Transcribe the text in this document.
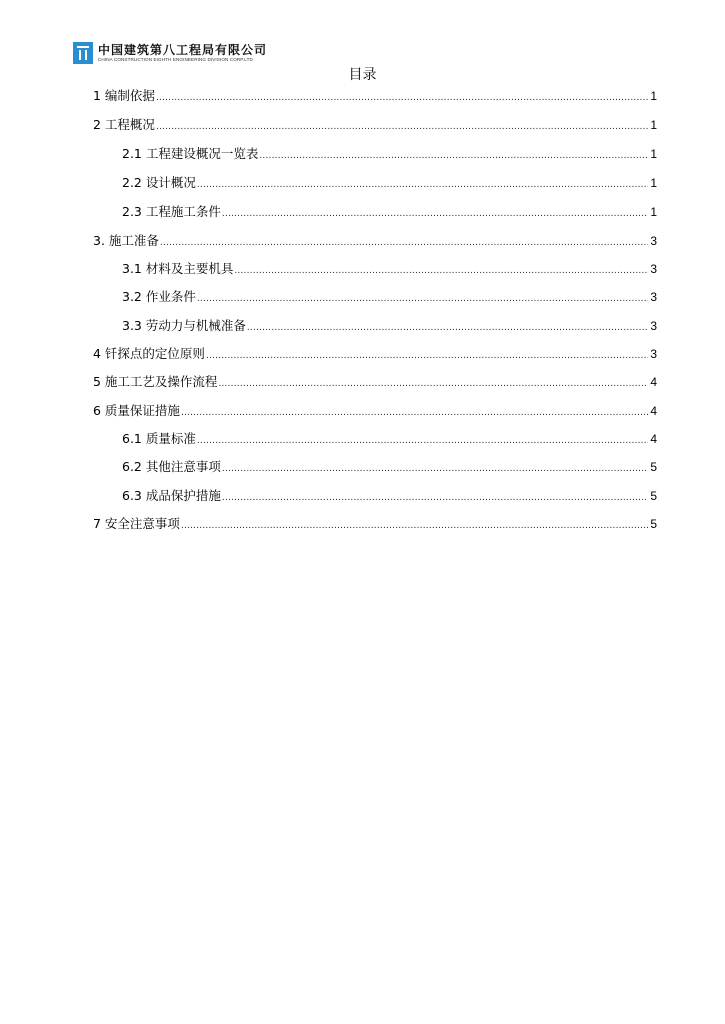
中国建筑第八工程局有限公司
CHINA CONSTRUCTION EIGHTH ENGINEERING DIVISION CORP.LTD
目录
1 编制依据 .....	1
2 工程概况 .....	1
2.1 工程建设概况一览表 .....	1
2.2 设计概况 .....	1
2.3 工程施工条件 .....	1
3. 施工准备 .....	3
3.1 材料及主要机具 .....	3
3.2 作业条件 .....	3
3.3 劳动力与机械准备 .....	3
4 钎探点的定位原则 .....	3
5 施工工艺及操作流程 .....	4
6 质量保证措施 .....	4
6.1 质量标准 .....	4
6.2 其他注意事项 .....	5
6.3 成品保护措施 .....	5
7 安全注意事项 .....	5
